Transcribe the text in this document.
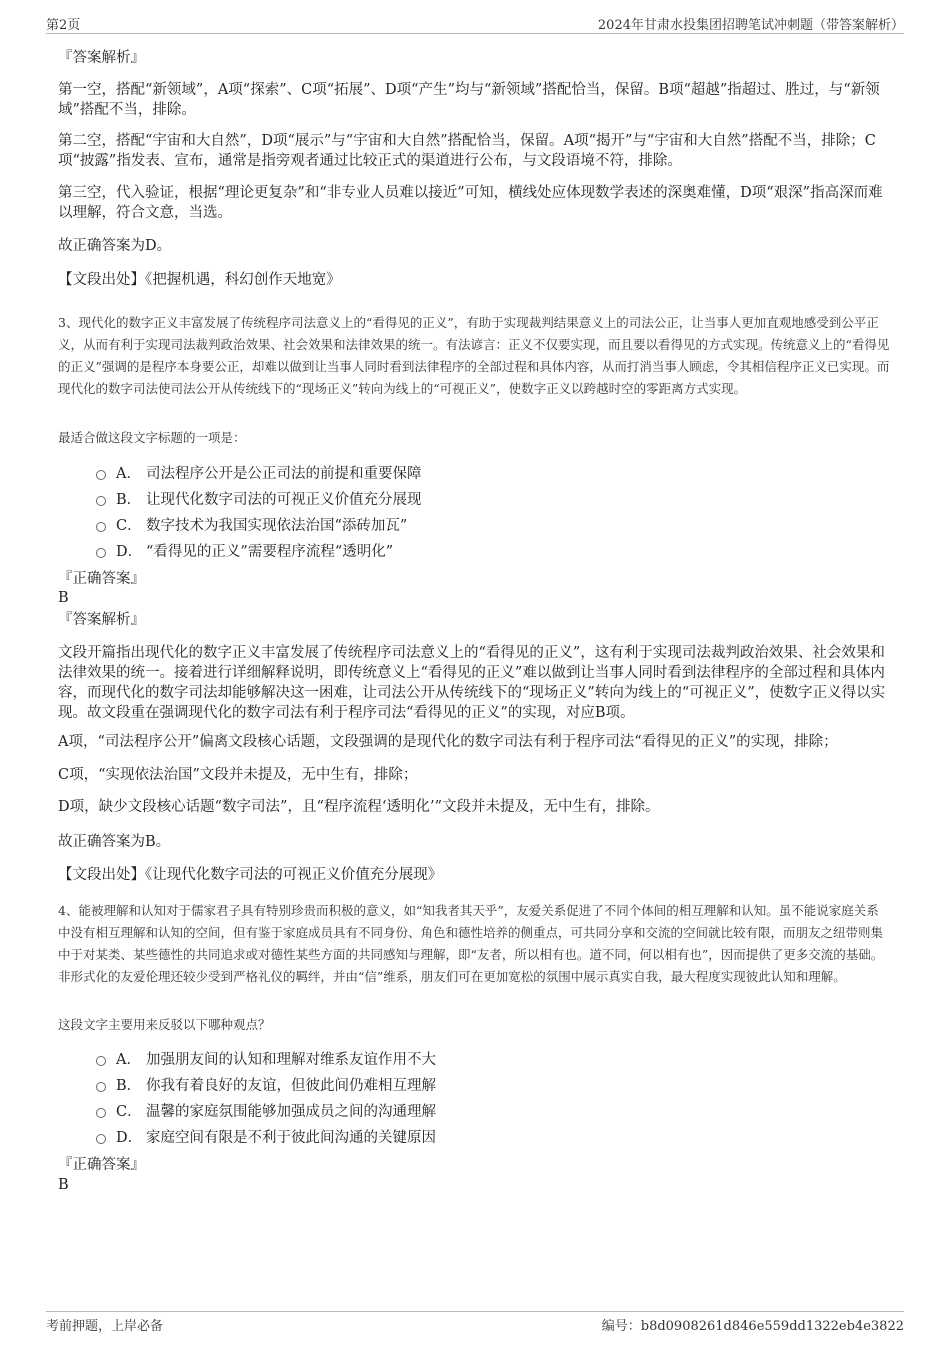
第2页	2024年甘肃水投集团招聘笔试冲刺题（带答案解析）
『答案解析』
第一空，搭配“新领域”，A项“探索”、C项“拓展”、D项“产生”均与“新领域”搭配恰当，保留。B项“超越”指超过、胜过，与“新领域”搭配不当，排除。
第二空，搭配“宇宙和大自然”，D项“展示”与“宇宙和大自然”搭配恰当，保留。A项“揭开”与“宇宙和大自然”搭配不当，排除；C项“披露”指发表、宣布，通常是指旁观者通过比较正式的渠道进行公布，与文段语境不符，排除。
第三空，代入验证，根据“理论更复杂”和“非专业人员难以接近”可知，横线处应体现数学表述的深奥难懂，D项“艰深”指高深而难以理解，符合文意，当选。
故正确答案为D。
【文段出处】《把握机遇，科幻创作天地宽》
3、现代化的数字正义丰富发展了传统程序司法意义上的“看得见的正义”，有助于实现裁判结果意义上的司法公正，让当事人更加直观地感受到公平正义，从而有利于实现司法裁判政治效果、社会效果和法律效果的统一。有法谚言：正义不仅要实现，而且要以看得见的方式实现。传统意义上的“看得见的正义”强调的是程序本身要公正，却难以做到让当事人同时看到法律程序的全部过程和具体内容，从而打消当事人顾虑，令其相信程序正义已实现。而现代化的数字司法使司法公开从传统线下的“现场正义”转向为线上的“可视正义”，使数字正义以跨越时空的零距离方式实现。
最适合做这段文字标题的一项是：
A． 司法程序公开是公正司法的前提和重要保障
B． 让现代化数字司法的可视正义价值充分展现
C． 数字技术为我国实现依法治国“添砖加瓦”
D． “看得见的正义”需要程序流程“透明化”
『正确答案』
B
『答案解析』
文段开篇指出现代化的数字正义丰富发展了传统程序司法意义上的“看得见的正义”，这有利于实现司法裁判政治效果、社会效果和法律效果的统一。接着进行详细解释说明，即传统意义上“看得见的正义”难以做到让当事人同时看到法律程序的全部过程和具体内容，而现代化的数字司法却能够解决这一困难，让司法公开从传统线下的“现场正义”转向为线上的“可视正义”，使数字正义得以实现。故文段重在强调现代化的数字司法有利于程序司法“看得见的正义”的实现，对应B项。
A项，“司法程序公开”偏离文段核心话题，文段强调的是现代化的数字司法有利于程序司法“看得见的正义”的实现，排除；
C项，“实现依法治国”文段并未提及，无中生有，排除；
D项，缺少文段核心话题“数字司法”，且“程序流程‘透明化’”文段并未提及，无中生有，排除。
故正确答案为B。
【文段出处】《让现代化数字司法的可视正义价值充分展现》
4、能被理解和认知对于儒家君子具有特别珍贵而积极的意义，如“知我者其天乎”，友爱关系促进了不同个体间的相互理解和认知。虽不能说家庭关系中没有相互理解和认知的空间，但有鉴于家庭成员具有不同身份、角色和德性培养的侧重点，可共同分享和交流的空间就比较有限，而朋友之纽带则集中于对某类、某些德性的共同追求或对德性某些方面的共同感知与理解，即“友者，所以相有也。道不同，何以相有也”，因而提供了更多交流的基础。非形式化的友爱伦理还较少受到严格礼仪的羁绊，并由“信”维系，朋友们可在更加宽松的氛围中展示真实自我，最大程度实现彼此认知和理解。
这段文字主要用来反驳以下哪种观点？
A． 加强朋友间的认知和理解对维系友谊作用不大
B． 你我有着良好的友谊，但彼此间仍难相互理解
C． 温馨的家庭氛围能够加强成员之间的沟通理解
D． 家庭空间有限是不利于彼此间沟通的关键原因
『正确答案』
B
考前押题，上岸必备	编号：b8d0908261d846e559dd1322eb4e3822
